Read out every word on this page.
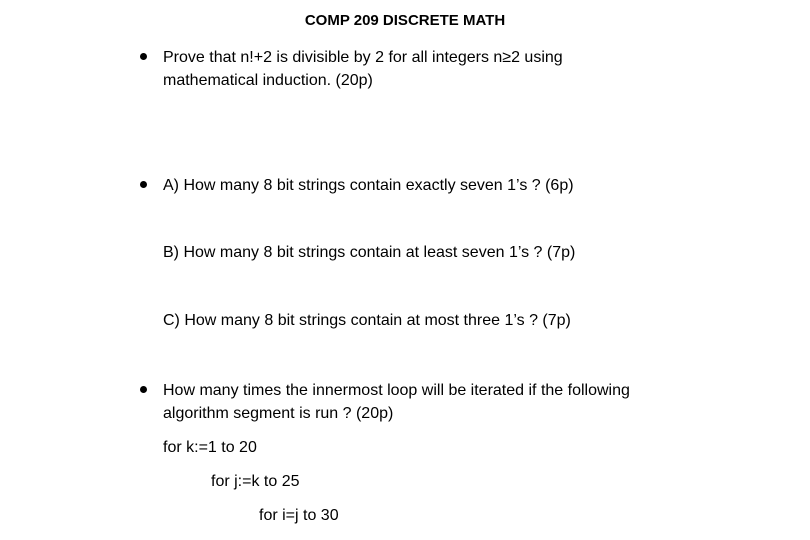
COMP 209 DISCRETE MATH
Prove that n!+2 is divisible by 2 for all integers n≥2 using
mathematical induction. (20p)
A) How many 8 bit strings contain exactly seven 1’s ? (6p)
B) How many 8 bit strings contain at least seven 1’s ? (7p)
C) How many 8 bit strings contain at most three 1’s ? (7p)
How many times the innermost loop will be iterated if the following
algorithm segment is run ? (20p)
for k:=1 to 20
for j:=k to 25
for i=j to 30
